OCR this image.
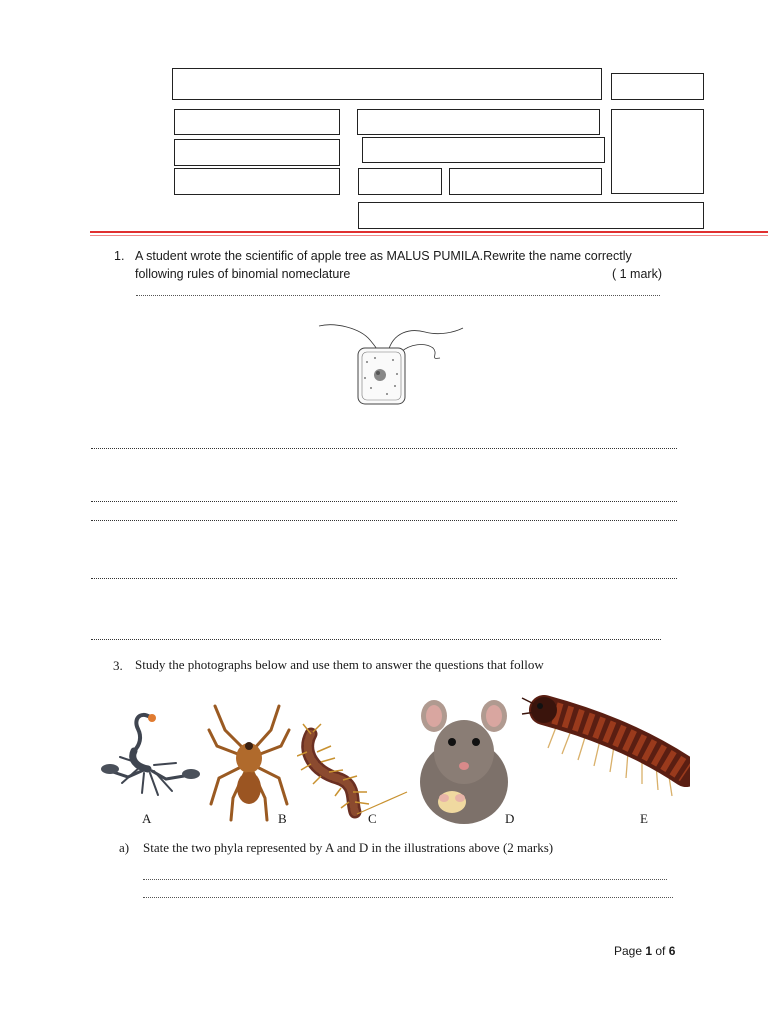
1. A student wrote the scientific of apple tree as MALUS PUMILA.Rewrite the name correctly
following rules of binomial nomeclature	( 1 mark)
3. Study the photographs below and use them to answer the questions that follow
A	B	C	D	E
a) State the two phyla represented by A and D in the illustrations above (2 marks)
Page 1 of 6
